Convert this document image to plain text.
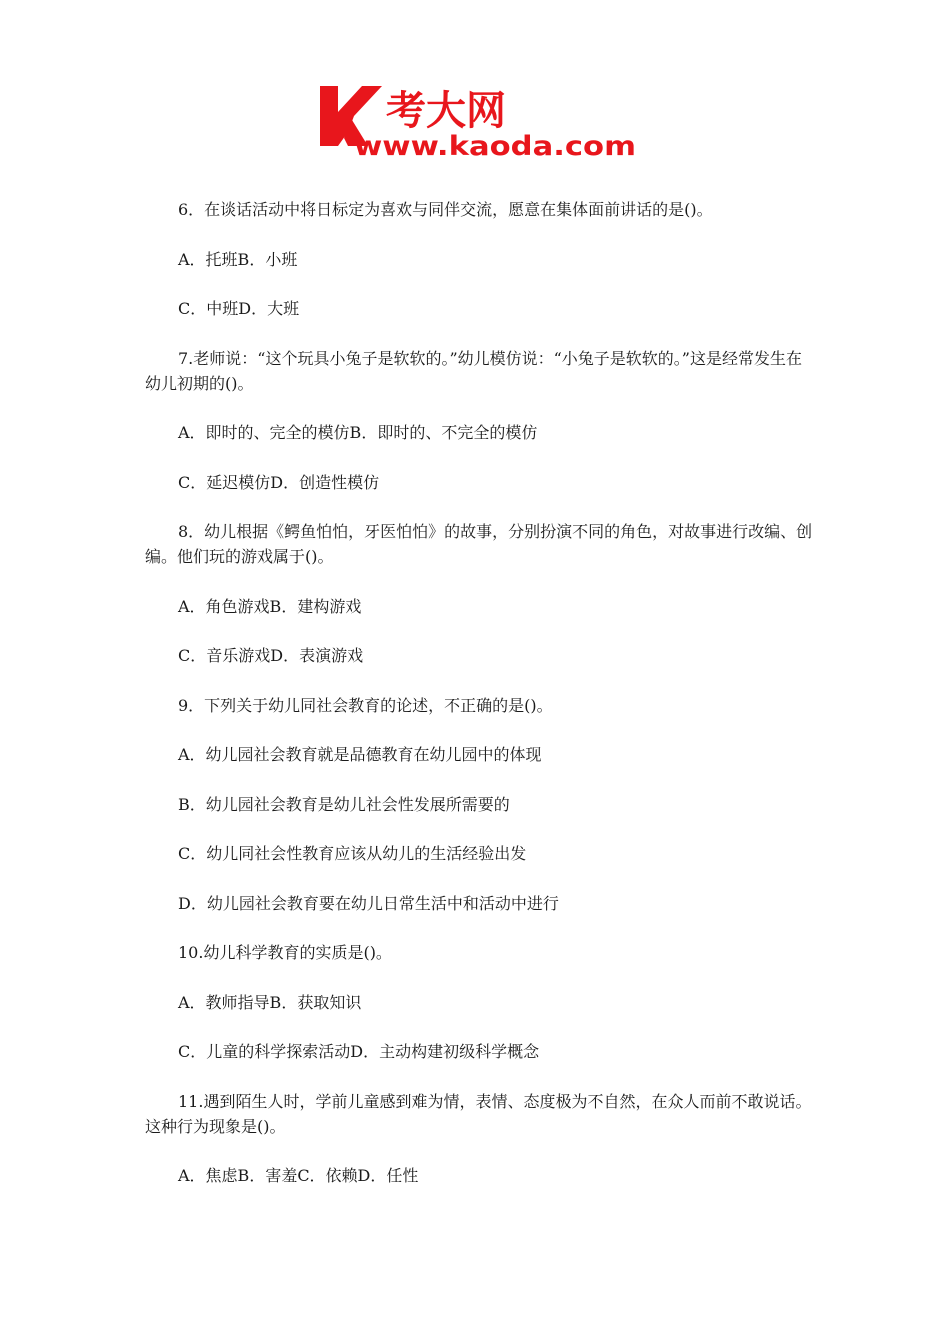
考大网
www.kaoda.com

6．在谈话活动中将日标定为喜欢与同伴交流，愿意在集体面前讲话的是()。

A．托班B．小班

C．中班D．大班

7.老师说：“这个玩具小兔子是软软的。”幼儿模仿说：“小兔子是软软的。”这是经常发生在幼儿初期的()。

A．即时的、完全的模仿B．即时的、不完全的模仿

C．延迟模仿D．创造性模仿

8．幼儿根据《鳄鱼怕怕，牙医怕怕》的故事，分别扮演不同的角色，对故事进行改编、创编。他们玩的游戏属于()。

A．角色游戏B．建构游戏

C．音乐游戏D．表演游戏

9．下列关于幼儿同社会教育的论述，不正确的是()。

A．幼儿园社会教育就是品德教育在幼儿园中的体现

B．幼儿园社会教育是幼儿社会性发展所需要的

C．幼儿同社会性教育应该从幼儿的生活经验出发

D．幼儿园社会教育要在幼儿日常生活中和活动中进行

10.幼儿科学教育的实质是()。

A．教师指导B．获取知识

C．儿童的科学探索活动D．主动构建初级科学概念

11.遇到陌生人时，学前儿童感到难为情，表情、态度极为不自然，在众人而前不敢说话。这种行为现象是()。

A．焦虑B．害羞C．依赖D．任性
